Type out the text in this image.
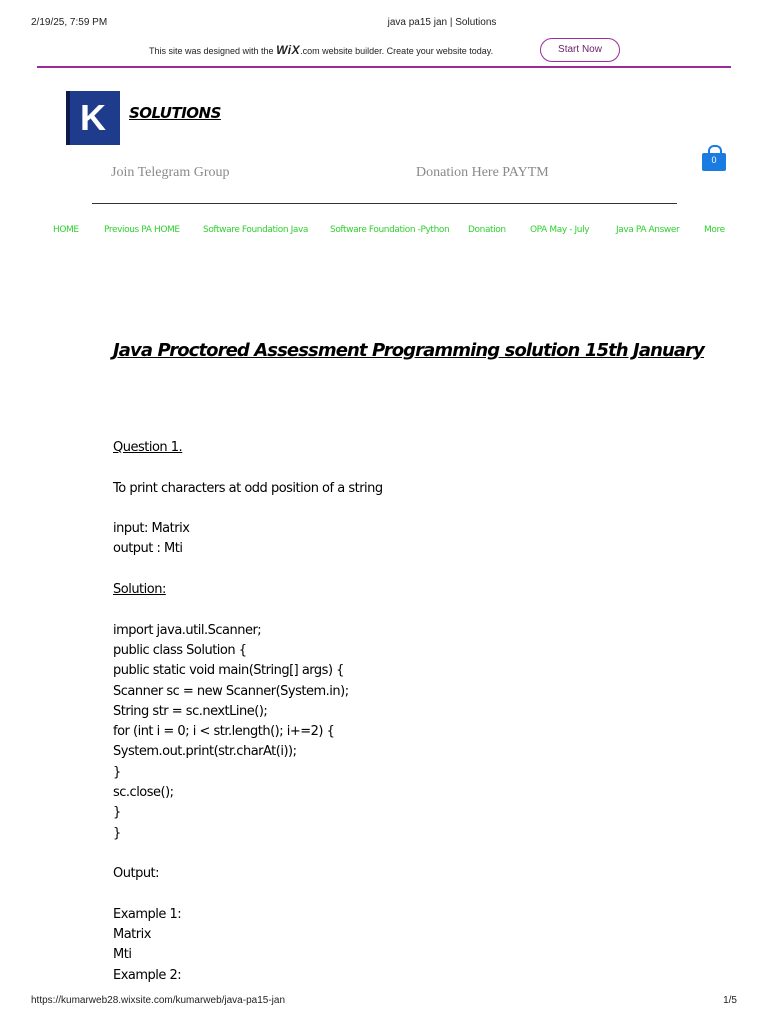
2/19/25, 7:59 PM	java pa15 jan | Solutions
This site was designed with the WiX.com website builder. Create your website today.	Start Now
K SOLUTIONS
Join Telegram Group	Donation Here PAYTM
0
HOME	Previous PA HOME	Software Foundation Java Software Foundation -Python Donation	OPA May - July	Java PA Answer	More
Java Proctored Assessment Programming solution 15th January
Question 1.
To print characters at odd position of a string
input: Matrix
output : Mti
Solution:
import java.util.Scanner;
public class Solution {
public static void main(String[] args) {
Scanner sc = new Scanner(System.in);
String str = sc.nextLine();
for (int i = 0; i < str.length(); i+=2) {
System.out.print(str.charAt(i));
}
sc.close();
}
}
Output:
Example 1:
Matrix
Mti
Example 2:
https://kumarweb28.wixsite.com/kumarweb/java-pa15-jan	1/5
